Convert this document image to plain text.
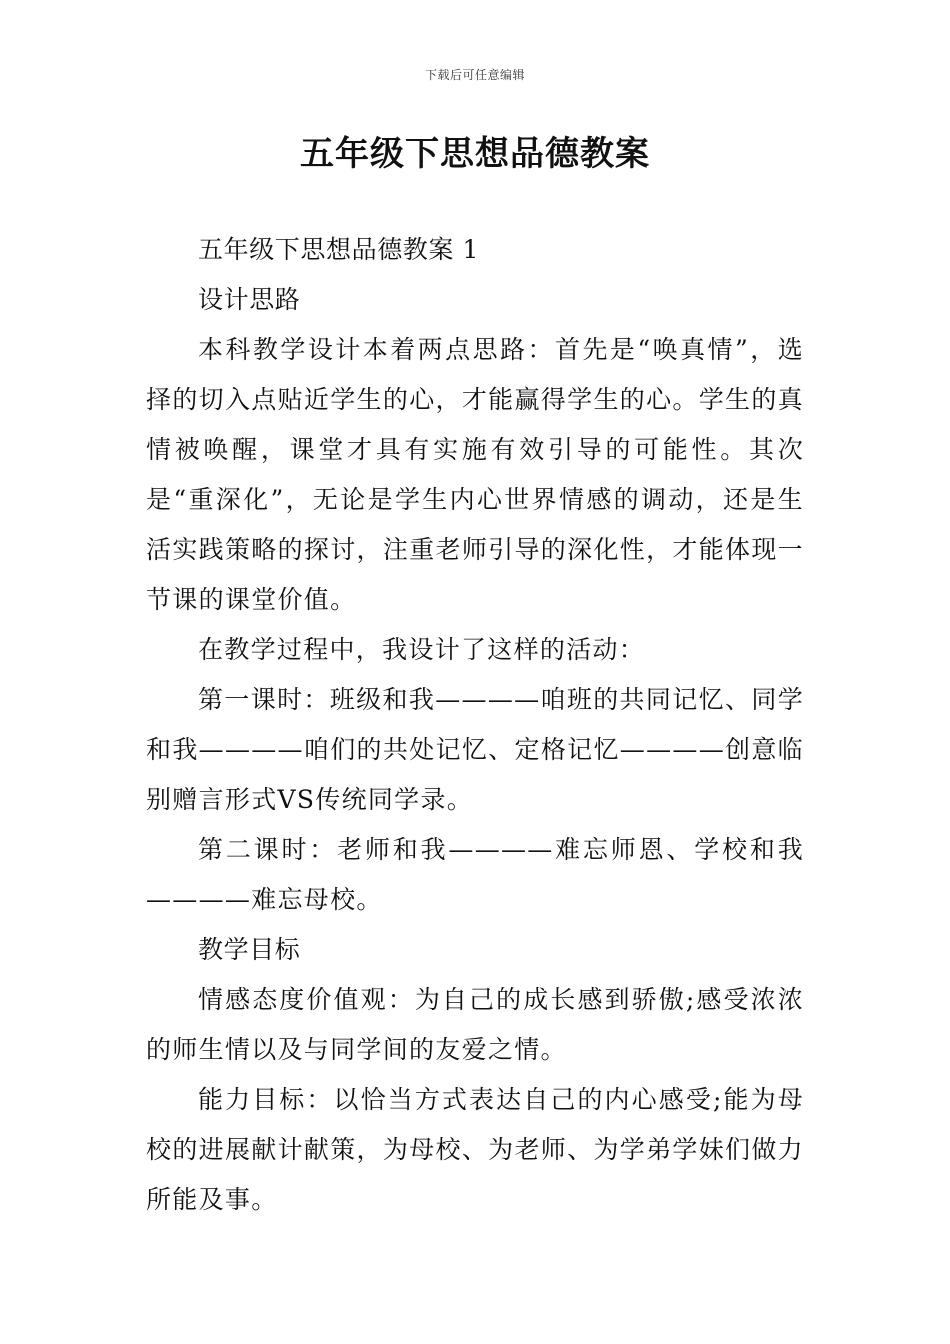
下载后可任意编辑
五年级下思想品德教案

五年级下思想品德教案 1

设计思路

本科教学设计本着两点思路：首先是“唤真情”，选择的切入点贴近学生的心，才能赢得学生的心。学生的真情被唤醒，课堂才具有实施有效引导的可能性。其次是“重深化”，无论是学生内心世界情感的调动，还是生活实践策略的探讨，注重老师引导的深化性，才能体现一节课的课堂价值。

在教学过程中，我设计了这样的活动：

第一课时：班级和我————咱班的共同记忆、同学和我————咱们的共处记忆、定格记忆————创意临别赠言形式VS传统同学录。

第二课时：老师和我————难忘师恩、学校和我————难忘母校。

教学目标

情感态度价值观：为自己的成长感到骄傲;感受浓浓的师生情以及与同学间的友爱之情。

能力目标：以恰当方式表达自己的内心感受;能为母校的进展献计献策，为母校、为老师、为学弟学妹们做力所能及事。
